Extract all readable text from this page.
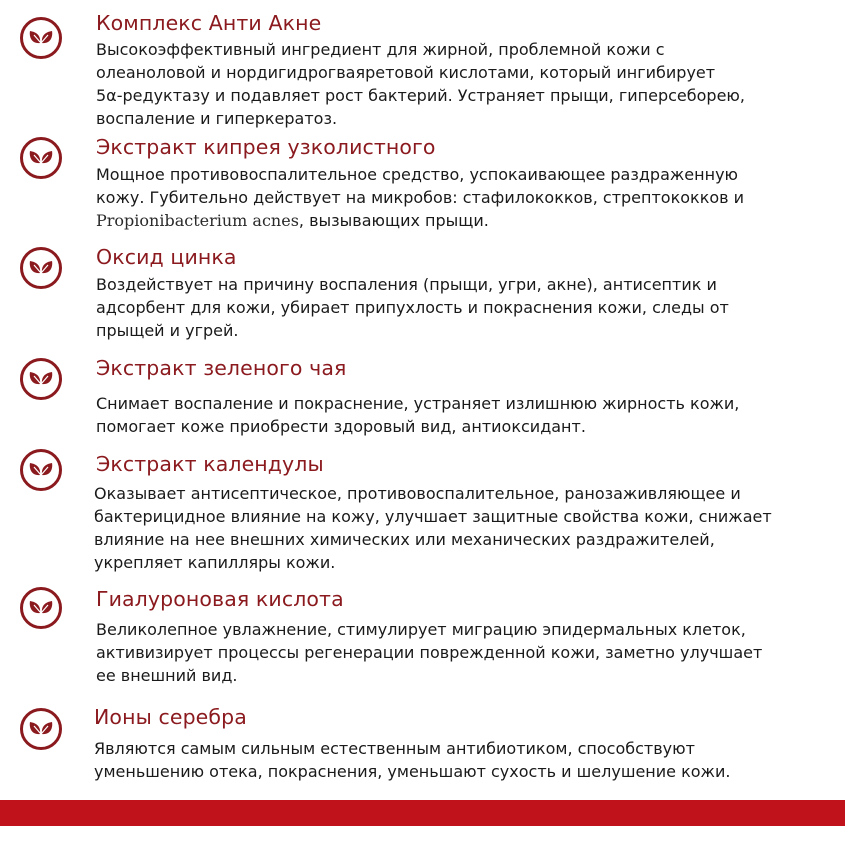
Комплекс Анти Акне
Высокоэффективный ингредиент для жирной, проблемной кожи с
олеаноловой и нордигидрогваяретовой кислотами, который ингибирует
5α-редуктазу и подавляет рост бактерий. Устраняет прыщи, гиперсеборею,
воспаление и гиперкератоз.
Экстракт кипрея узколистного
Мощное противовоспалительное средство, успокаивающее раздраженную
кожу. Губительно действует на микробов: стафилококков, стрептококков и
Propionibacterium acnes, вызывающих прыщи.
Оксид цинка
Воздействует на причину воспаления (прыщи, угри, акне), антисептик и
адсорбент для кожи, убирает припухлость и покраснения кожи, следы от
прыщей и угрей.
Экстракт зеленого чая
Снимает воспаление и покраснение, устраняет излишнюю жирность кожи,
помогает коже приобрести здоровый вид, антиоксидант.
Экстракт календулы
Оказывает антисептическое, противовоспалительное, ранозаживляющее и
бактерицидное влияние на кожу, улучшает защитные свойства кожи, снижает
влияние на нее внешних химических или механических раздражителей,
укрепляет капилляры кожи.
Гиалуроновая кислота
Великолепное увлажнение, стимулирует миграцию эпидермальных клеток,
активизирует процессы регенерации поврежденной кожи, заметно улучшает
ее внешний вид.
Ионы серебра
Являются самым сильным естественным антибиотиком, способствуют
уменьшению отека, покраснения, уменьшают сухость и шелушение кожи.
